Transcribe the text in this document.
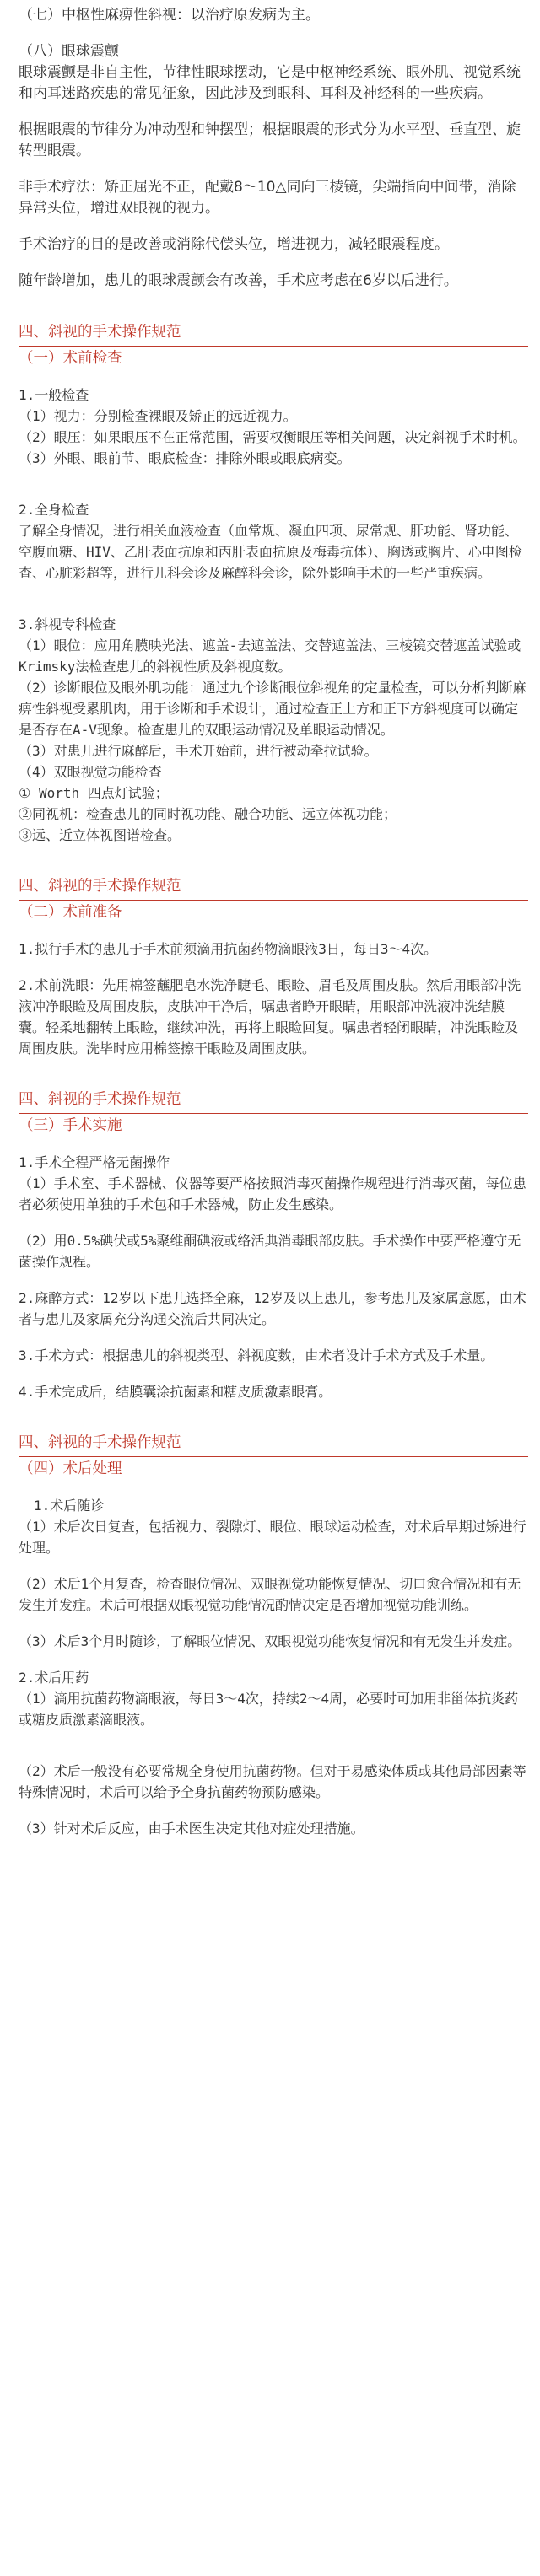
（七）中枢性麻痹性斜视：以治疗原发病为主。

（八）眼球震颤

眼球震颤是非自主性，节律性眼球摆动，它是中枢神经系统、眼外肌、视觉系统和内耳迷路疾患的常见征象，因此涉及到眼科、耳科及神经科的一些疾病。

根据眼震的节律分为冲动型和钟摆型；根据眼震的形式分为水平型、垂直型、旋转型眼震。

非手术疗法：矫正屈光不正，配戴8～10△同向三棱镜，尖端指向中间带，消除异常头位，增进双眼视的视力。

手术治疗的目的是改善或消除代偿头位，增进视力，减轻眼震程度。

随年龄增加，患儿的眼球震颤会有改善，手术应考虑在6岁以后进行。

四、斜视的手术操作规范

（一）术前检查

1.一般检查

（1）视力：分别检查裸眼及矫正的远近视力。

（2）眼压：如果眼压不在正常范围，需要权衡眼压等相关问题，决定斜视手术时机。

（3）外眼、眼前节、眼底检查：排除外眼或眼底病变。

2.全身检查

了解全身情况，进行相关血液检查（血常规、凝血四项、尿常规、肝功能、肾功能、空腹血糖、HIV、乙肝表面抗原和丙肝表面抗原及梅毒抗体）、胸透或胸片、心电图检查、心脏彩超等，进行儿科会诊及麻醉科会诊，除外影响手术的一些严重疾病。

3.斜视专科检查

（1）眼位：应用角膜映光法、遮盖-去遮盖法、交替遮盖法、三棱镜交替遮盖试验或Krimsky法检查患儿的斜视性质及斜视度数。

（2）诊断眼位及眼外肌功能：通过九个诊断眼位斜视角的定量检查，可以分析判断麻痹性斜视受累肌肉，用于诊断和手术设计，通过检查正上方和正下方斜视度可以确定是否存在A-V现象。检查患儿的双眼运动情况及单眼运动情况。

（3）对患儿进行麻醉后，手术开始前，进行被动牵拉试验。

（4）双眼视觉功能检查

① Worth 四点灯试验；

②同视机：检查患儿的同时视功能、融合功能、远立体视功能；

③远、近立体视图谱检查。

四、斜视的手术操作规范

（二）术前准备

1.拟行手术的患儿于手术前须滴用抗菌药物滴眼液3日，每日3～4次。

2.术前洗眼：先用棉签蘸肥皂水洗净睫毛、眼睑、眉毛及周围皮肤。然后用眼部冲洗液冲净眼睑及周围皮肤，皮肤冲干净后，嘱患者睁开眼睛，用眼部冲洗液冲洗结膜囊。轻柔地翻转上眼睑，继续冲洗，再将上眼睑回复。嘱患者轻闭眼睛，冲洗眼睑及周围皮肤。洗毕时应用棉签擦干眼睑及周围皮肤。

四、斜视的手术操作规范

（三）手术实施

1.手术全程严格无菌操作

（1）手术室、手术器械、仪器等要严格按照消毒灭菌操作规程进行消毒灭菌，每位患者必须使用单独的手术包和手术器械，防止发生感染。

（2）用0.5%碘伏或5%聚维酮碘液或络活典消毒眼部皮肤。手术操作中要严格遵守无菌操作规程。

2.麻醉方式：12岁以下患儿选择全麻，12岁及以上患儿，参考患儿及家属意愿，由术者与患儿及家属充分沟通交流后共同决定。

3.手术方式：根据患儿的斜视类型、斜视度数，由术者设计手术方式及手术量。

4.手术完成后，结膜囊涂抗菌素和糖皮质激素眼膏。

四、斜视的手术操作规范

（四）术后处理

1.术后随诊

（1）术后次日复查，包括视力、裂隙灯、眼位、眼球运动检查，对术后早期过矫进行处理。

（2）术后1个月复查，检查眼位情况、双眼视觉功能恢复情况、切口愈合情况和有无发生并发症。术后可根据双眼视觉功能情况酌情决定是否增加视觉功能训练。

（3）术后3个月时随诊，了解眼位情况、双眼视觉功能恢复情况和有无发生并发症。

2.术后用药

（1）滴用抗菌药物滴眼液，每日3～4次，持续2～4周，必要时可加用非甾体抗炎药或糖皮质激素滴眼液。

（2）术后一般没有必要常规全身使用抗菌药物。但对于易感染体质或其他局部因素等特殊情况时，术后可以给予全身抗菌药物预防感染。

（3）针对术后反应，由手术医生决定其他对症处理措施。
